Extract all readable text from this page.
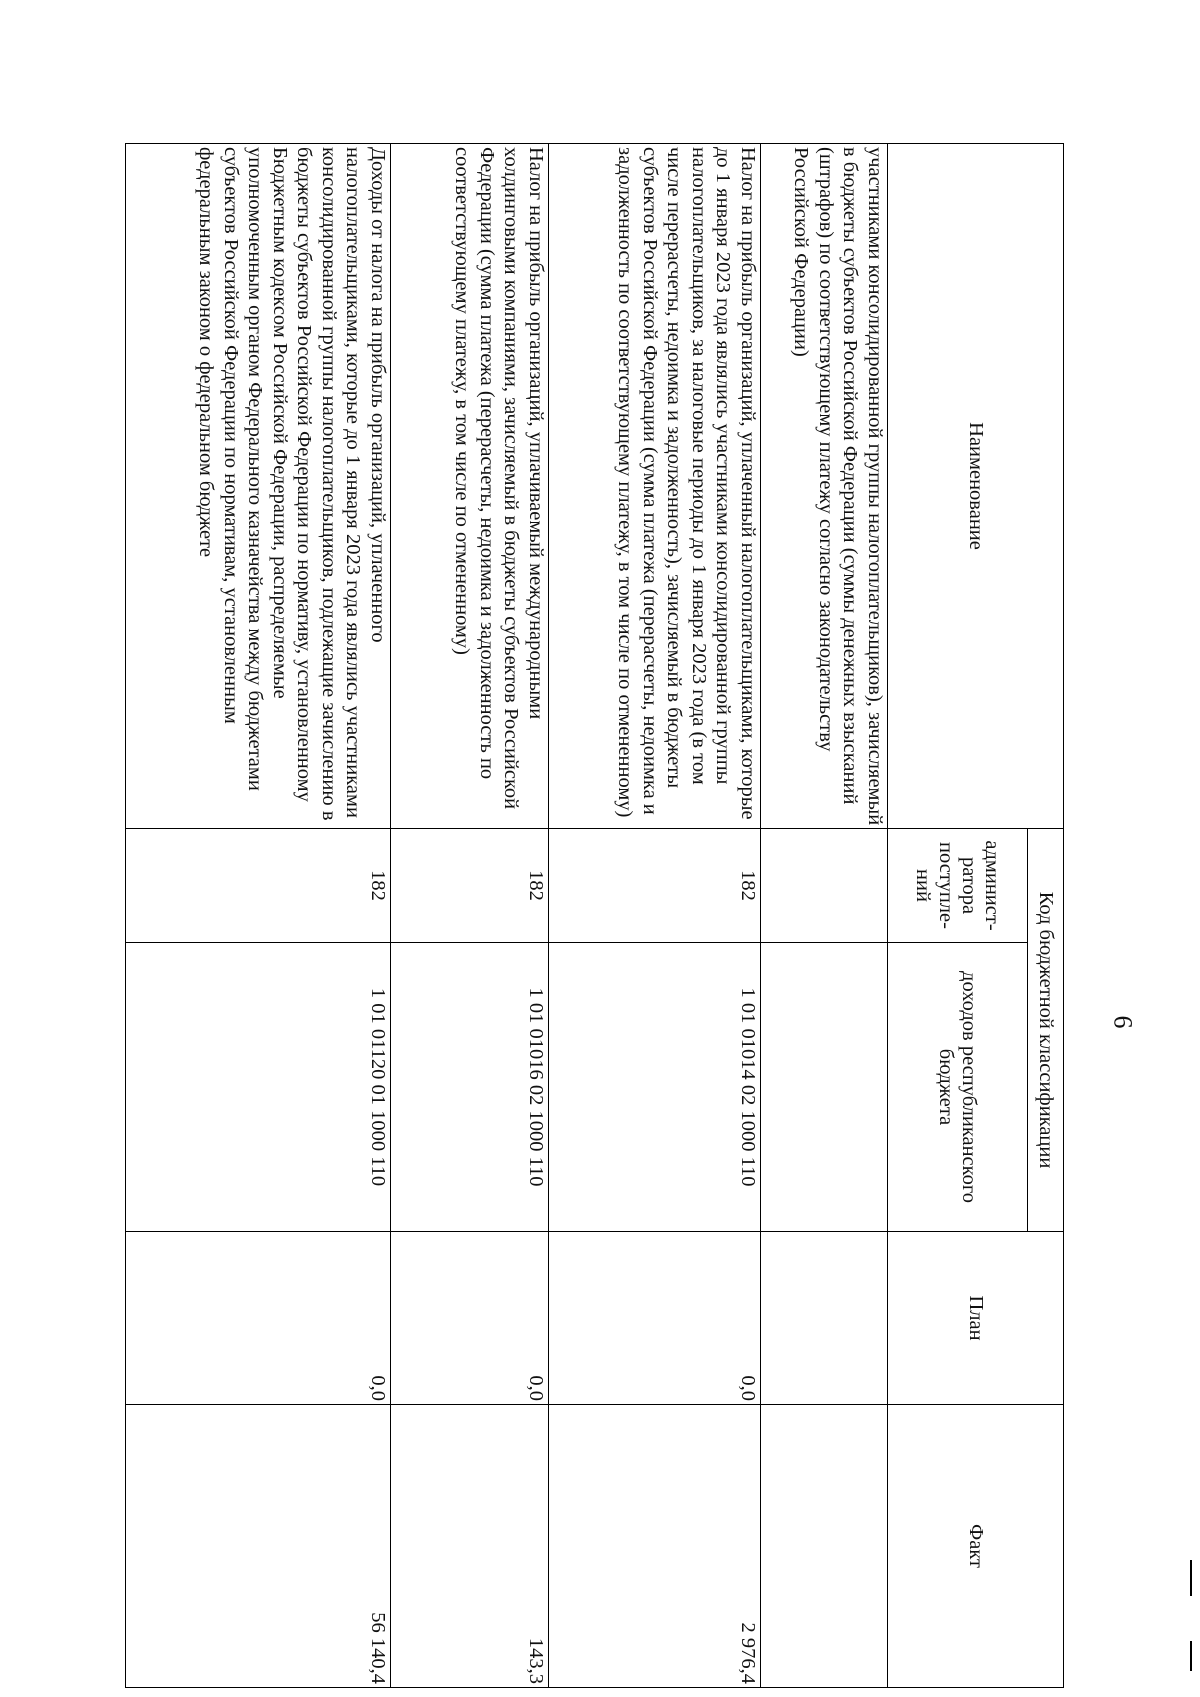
6
Наименование	Код бюджетной классификации		План	Факт
	админист-ратора поступле-ний	доходов республиканского бюджета		
участниками консолидированной группы налогоплательщиков), зачисляемый в бюджеты субъектов Российской Федерации (суммы денежных взысканий (штрафов) по соответствующему платежу согласно законодательству Российской Федерации)				
Налог на прибыль организаций, уплаченный налогоплательщиками, которые до 1 января 2023 года являлись участниками консолидированной группы налогоплательщиков, за налоговые периоды до 1 января 2023 года (в том числе перерасчеты, недоимка и задолженность), зачисляемый в бюджеты субъектов Российской Федерации (сумма платежа (перерасчеты, недоимка и задолженность по соответствующему платежу, в том числе по отмененному)	182	1 01 01014 02 1000 110	0,0	2 976,4
Налог на прибыль организаций, уплачиваемый международными холдинговыми компаниями, зачисляемый в бюджеты субъектов Российской Федерации (сумма платежа (перерасчеты, недоимка и задолженность по соответствующему платежу, в том числе по отмененному)	182	1 01 01016 02 1000 110	0,0	143,3
Доходы от налога на прибыль организаций, уплаченного налогоплательщиками, которые до 1 января 2023 года являлись участниками консолидированной группы налогоплательщиков, подлежащие зачислению в бюджеты субъектов Российской Федерации по нормативу, установленному Бюджетным кодексом Российской Федерации, распределяемые уполномоченным органом Федерального казначейства между бюджетами субъектов Российской Федерации по нормативам, установленным федеральным законом о федеральном бюджете	182	1 01 01120 01 1000 110	0,0	56 140,4
